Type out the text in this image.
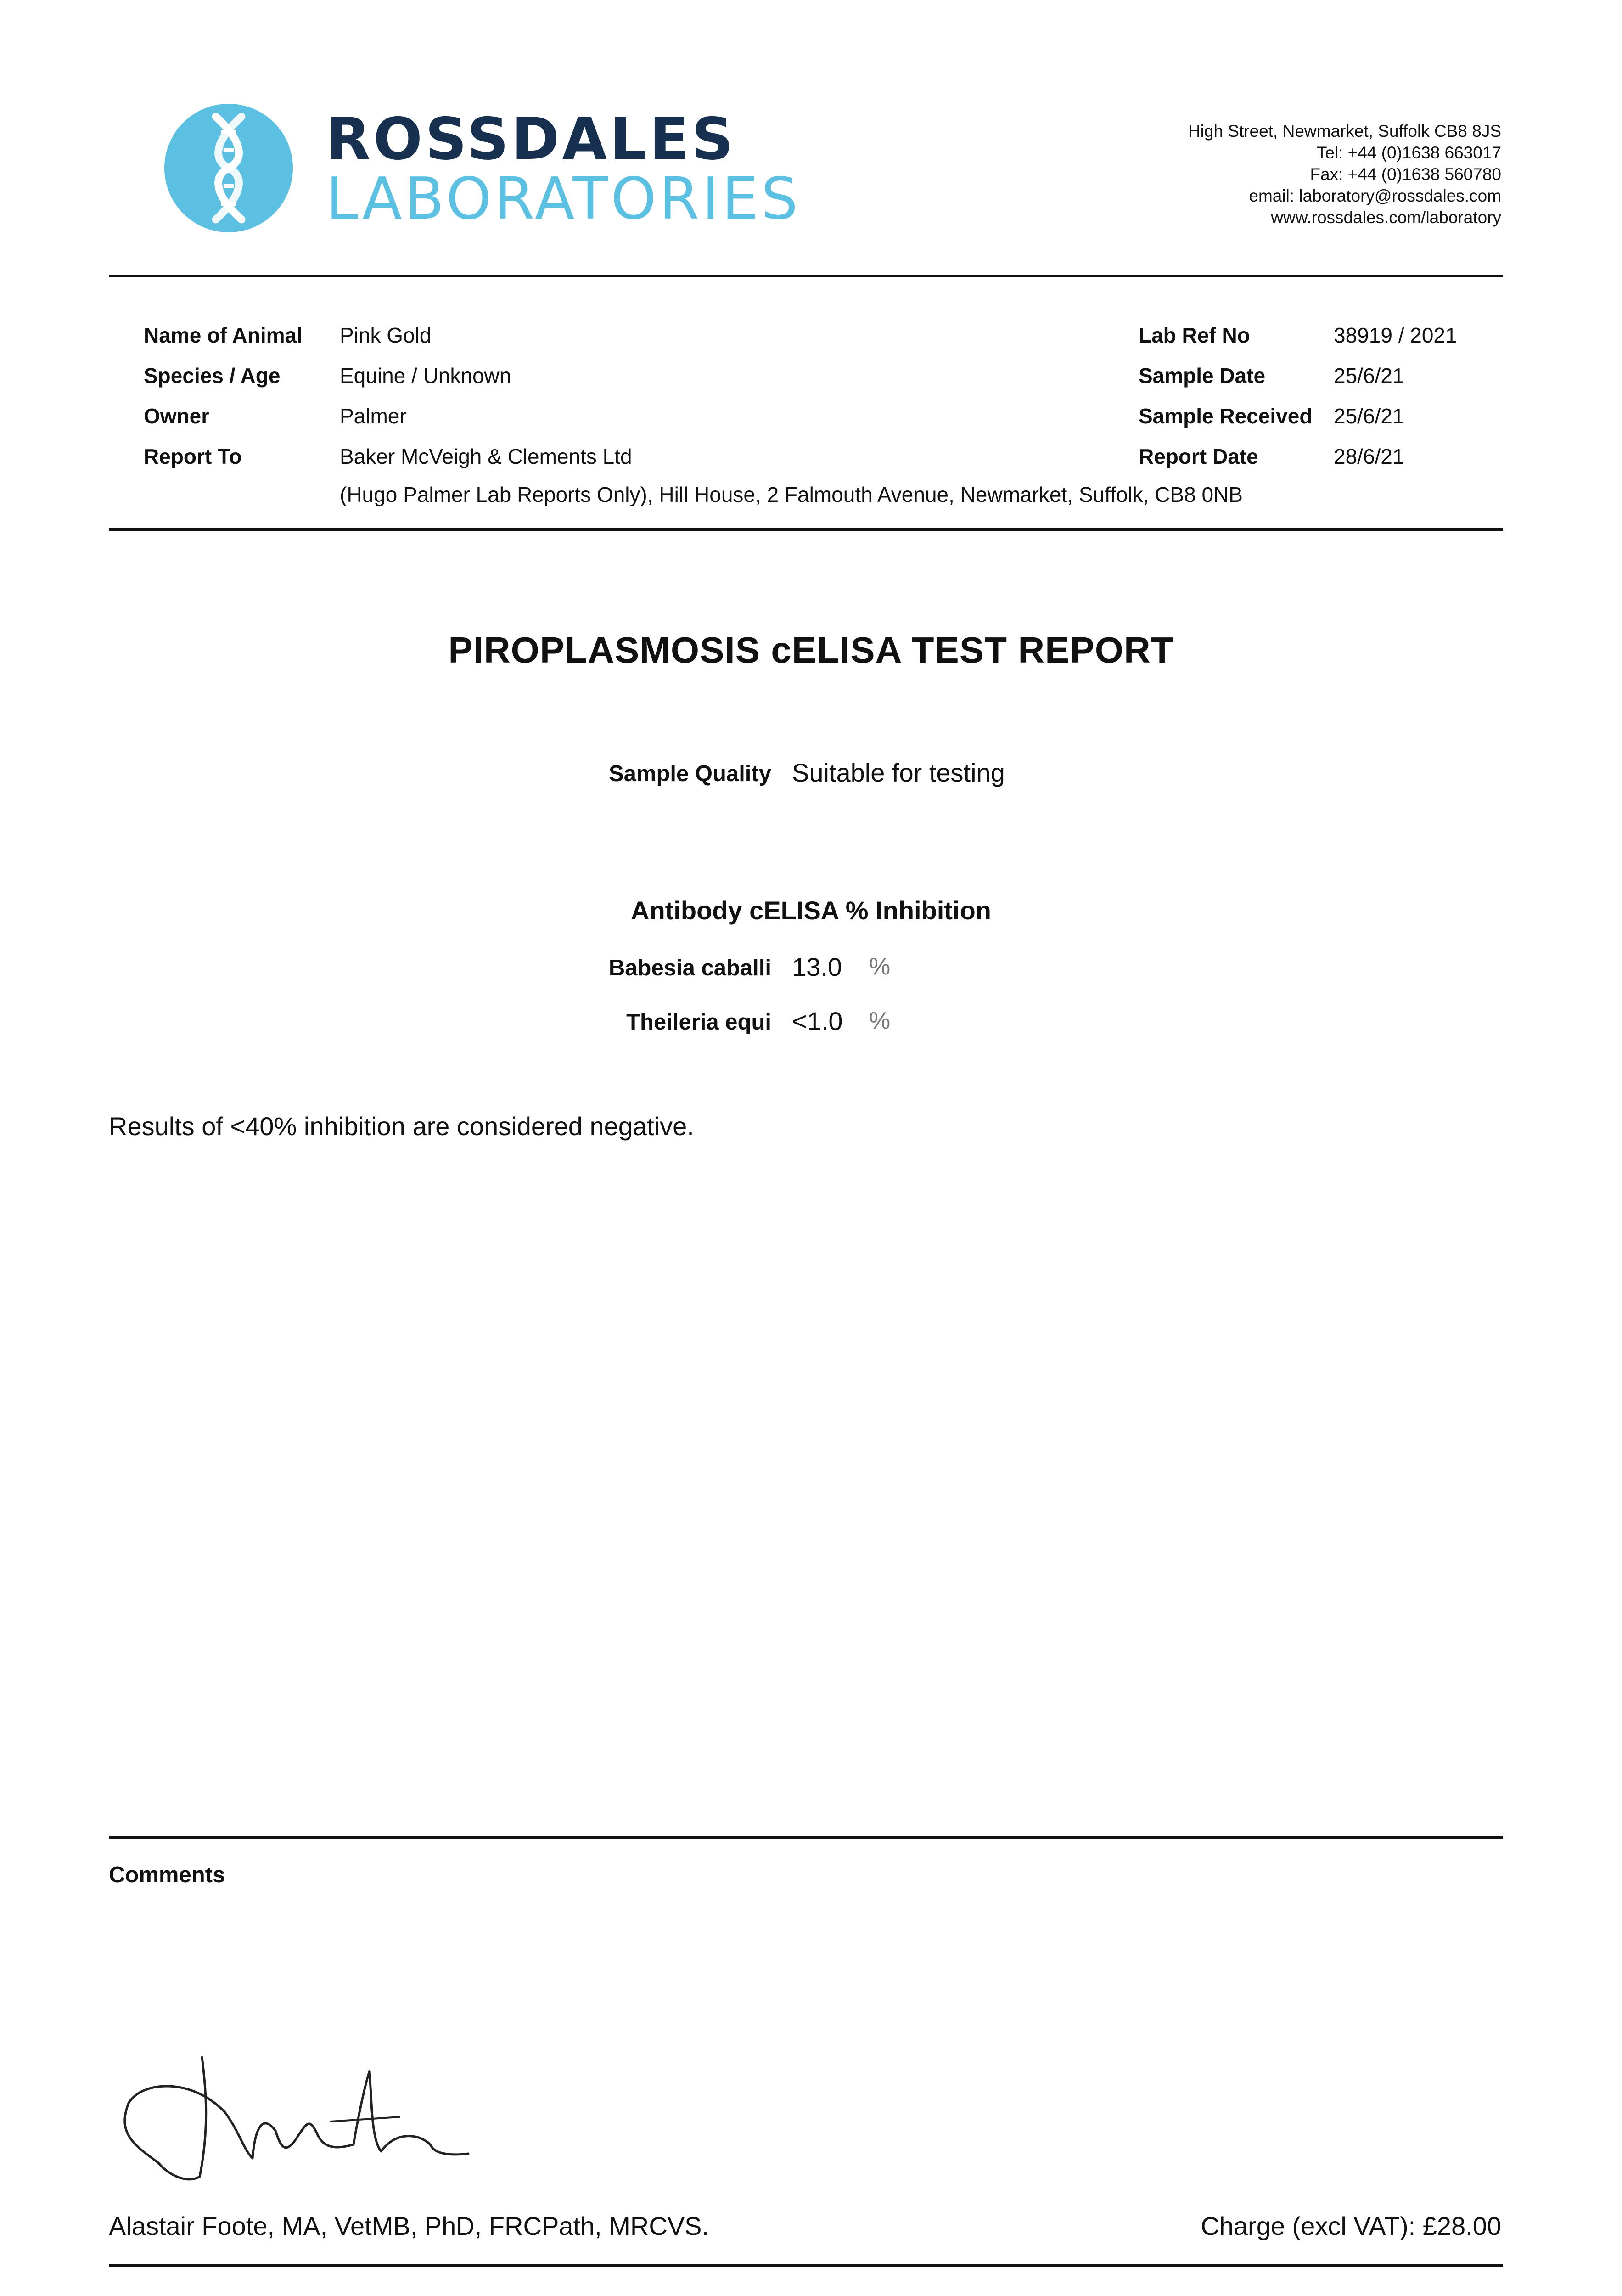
ROSSDALES
LABORATORIES
High Street, Newmarket, Suffolk CB8 8JS
Tel: +44 (0)1638 663017
Fax: +44 (0)1638 560780
email: laboratory@rossdales.com
www.rossdales.com/laboratory
Name of Animal Pink Gold
Species / Age	Equine / Unknown
Owner	Palmer
Report To	Baker McVeigh & Clements Ltd
(Hugo Palmer Lab Reports Only), Hill House, 2 Falmouth Avenue, Newmarket, Suffolk, CB8 0NB
Lab Ref No	38919 / 2021
Sample Date	25/6/21
Sample Received 25/6/21
Report Date	28/6/21
PIROPLASMOSIS cELISA TEST REPORT
Sample Quality Suitable for testing
Antibody cELISA % Inhibition
Babesia caballi 13.0 %
Theileria equi <1.0 %
Results of <40% inhibition are considered negative.
Comments
Alastair Foote, MA, VetMB, PhD, FRCPath, MRCVS.	Charge (excl VAT): £28.00
